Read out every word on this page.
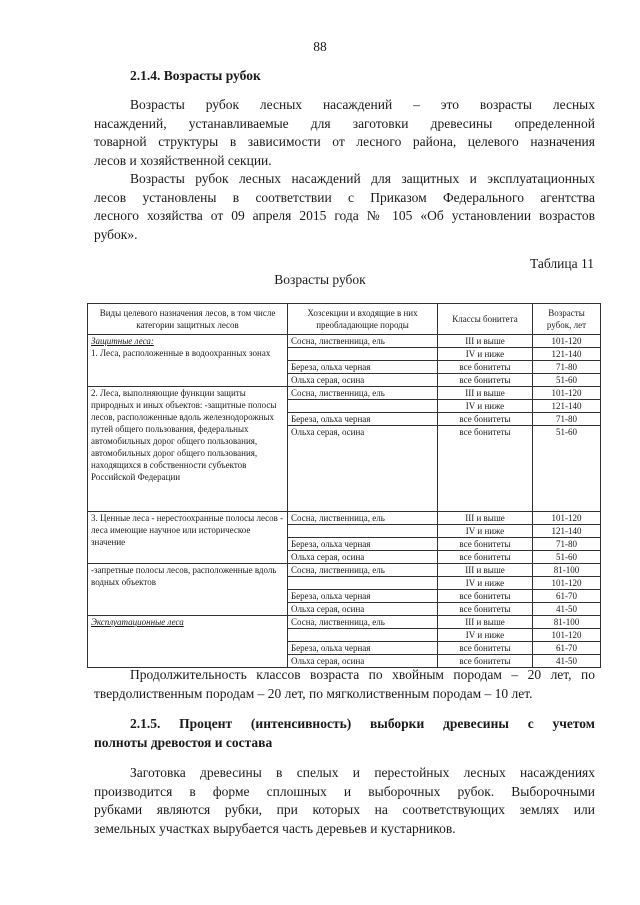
88
2.1.4. Возрасты рубок

Возрасты рубок лесных насаждений – это возрасты лесных
насаждений, устанавливаемые для заготовки древесины определенной
товарной структуры в зависимости от лесного района, целевого назначения
лесов и хозяйственной секции.

Возрасты рубок лесных насаждений для защитных и эксплуатационных
лесов установлены в соответствии с Приказом Федерального агентства
лесного хозяйства от 09 апреля 2015 года № 105 «Об установлении возрастов
рубок».

Таблица 11
Возрасты рубок
Виды целевого назначения лесов, в том числе категории защитных лесов	Хозсекции и входящие в них преобладающие породы	Классы бонитета	Возрасты рубок, лет

Защитные леса:
1. Леса, расположенные в водоохранных зонах	Сосна, лиственница, ель	III и выше	101-120
		IV и ниже	121-140
	Береза, ольха черная	все бонитеты	71-80
	Ольха серая, осина	все бонитеты	51-60
2. Леса, выполняющие функции защиты природных и иных объектов: -защитные полосы лесов, расположенные вдоль железнодорожных путей общего пользования, федеральных автомобильных дорог общего пользования, автомобильных дорог общего пользования, находящихся в собственности субъектов Российской Федерации	Сосна, лиственница, ель	III и выше	101-120
		IV и ниже	121-140
	Береза, ольха черная	все бонитеты	71-80
	Ольха серая, осина	все бонитеты	51-60
3. Ценные леса - нерестоохранные полосы лесов - леса имеющие научное или историческое значение	Сосна, лиственница, ель	III и выше	101-120
		IV и ниже	121-140
	Береза, ольха черная	все бонитеты	71-80
	Ольха серая, осина	все бонитеты	51-60
-запретные полосы лесов, расположенные вдоль водных объектов	Сосна, лиственница, ель	III и выше	81-100
		IV и ниже	101-120
	Береза, ольха черная	все бонитеты	61-70
	Ольха серая, осина	все бонитеты	41-50
Эксплуатационные леса	Сосна, лиственница, ель	III и выше	81-100
		IV и ниже	101-120
	Береза, ольха черная	все бонитеты	61-70
	Ольха серая, осина	все бонитеты	41-50

Продолжительность классов возраста по хвойным породам – 20 лет, по
твердолиственным породам – 20 лет, по мягколиственным породам – 10 лет.

2.1.5. Процент (интенсивность) выборки древесины с учетом
полноты древостоя и состава

Заготовка древесины в спелых и перестойных лесных насаждениях
производится в форме сплошных и выборочных рубок. Выборочными
рубками являются рубки, при которых на соответствующих землях или
земельных участках вырубается часть деревьев и кустарников.
